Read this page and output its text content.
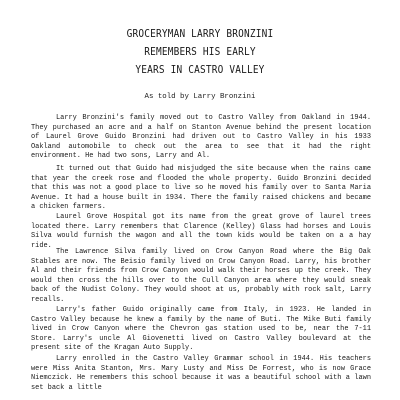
GROCERYMAN LARRY BRONZINI
REMEMBERS HIS EARLY
YEARS IN CASTRO VALLEY
As told by Larry Bronzini

Larry Bronzini's family moved out to Castro Valley from Oakland in 1944. They purchased an acre and a half on Stanton Avenue behind the present location of Laurel Grove Guido Bronzini had driven out to Castro Valley in his 1933 Oakland automobile to check out the area to see that it had the right environment. He had two sons, Larry and Al.

It turned out that Guido had misjudged the site because when the rains came that year the creek rose and flooded the whole property. Guido Bronzini decided that this was not a good place to live so he moved his family over to Santa Maria Avenue. It had a house built in 1934. There the family raised chickens and became a chicken farmers.

Laurel Grove Hospital got its name from the great grove of laurel trees located there. Larry remembers that Clarence (Kelley) Glass had horses and Louis Silva would furnish the wagon and all the town kids would be taken on a a hay ride.

The Lawrence Silva family lived on Crow Canyon Road where the Big Oak Stables are now. The Beisio family lived on Crow Canyon Road. Larry, his brother Al and their friends from Crow Canyon would walk their horses up the creek. They would then cross the hills over to the Cull Canyon area where they would sneak back of the Nudist Colony. They would shoot at us, probably with rock salt, Larry recalls.

Larry's father Guido originally came from Italy, in 1923. He landed in Castro Valley because he knew a family by the name of Buti. The Mike Buti family lived in Crow Canyon where the Chevron gas station used to be, near the 7-11 Store. Larry's uncle Al Giovenetti lived on Castro Valley boulevard at the present site of the Kragan Auto Supply.

Larry enrolled in the Castro Valley Grammar school in 1944. His teachers were Miss Anita Stanton, Mrs. Mary Lusty and Miss De Forrest, who is now Grace Niemczick. He remembers this school because it was a beautiful school with a lawn set back a little
